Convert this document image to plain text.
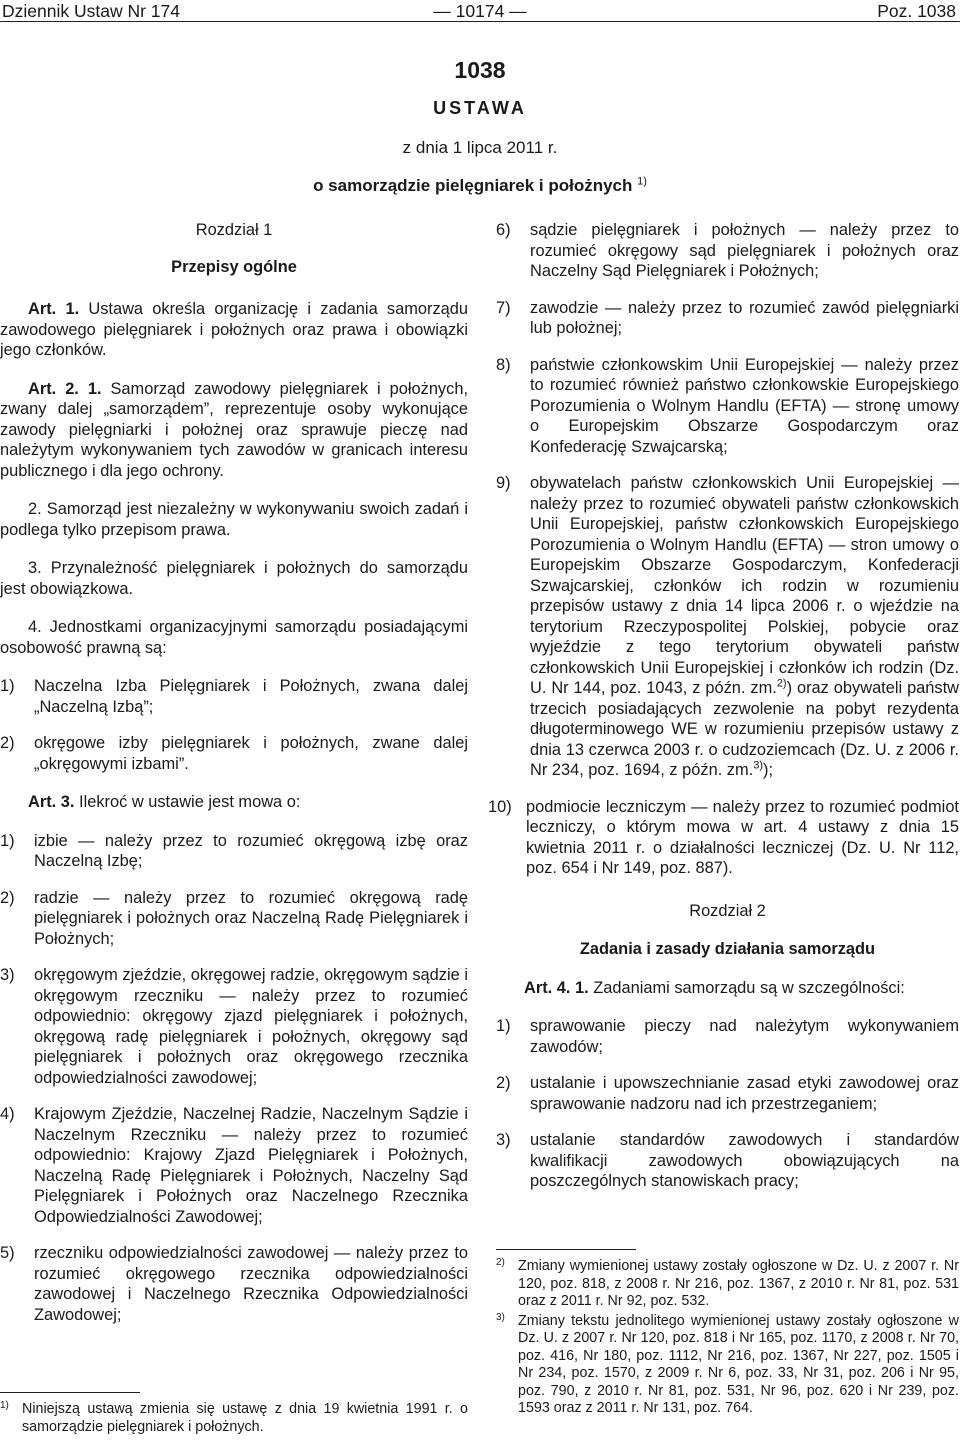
Dziennik Ustaw Nr 174	— 10174 —	Poz. 1038
1038
USTAWA
z dnia 1 lipca 2011 r.
o samorządzie pielęgniarek i położnych $^{1)}$
Rozdział 1
Przepisy ogólne
Art. 1. Ustawa określa organizację i zadania samorządu zawodowego pielęgniarek i położnych oraz prawa i obowiązki jego członków.
Art. 2. 1. Samorząd zawodowy pielęgniarek i położnych, zwany dalej „samorządem”, reprezentuje osoby wykonujące zawody pielęgniarki i położnej oraz sprawuje pieczę nad należytym wykonywaniem tych zawodów w granicach interesu publicznego i dla jego ochrony.
2. Samorząd jest niezależny w wykonywaniu swoich zadań i podlega tylko przepisom prawa.
3. Przynależność pielęgniarek i położnych do samorządu jest obowiązkowa.
4. Jednostkami organizacyjnymi samorządu posiadającymi osobowość prawną są:
1) Naczelna Izba Pielęgniarek i Położnych, zwana dalej „Naczelną Izbą”;
2) okręgowe izby pielęgniarek i położnych, zwane dalej „okręgowymi izbami”.
Art. 3. Ilekroć w ustawie jest mowa o:
1) izbie — należy przez to rozumieć okręgową izbę oraz Naczelną Izbę;
2) radzie — należy przez to rozumieć okręgową radę pielęgniarek i położnych oraz Naczelną Radę Pielęgniarek i Położnych;
3) okręgowym zjeździe, okręgowej radzie, okręgowym sądzie i okręgowym rzeczniku — należy przez to rozumieć odpowiednio: okręgowy zjazd pielęgniarek i położnych, okręgową radę pielęgniarek i położnych, okręgowy sąd pielęgniarek i położnych oraz okręgowego rzecznika odpowiedzialności zawodowej;
4) Krajowym Zjeździe, Naczelnej Radzie, Naczelnym Sądzie i Naczelnym Rzeczniku — należy przez to rozumieć odpowiednio: Krajowy Zjazd Pielęgniarek i Położnych, Naczelną Radę Pielęgniarek i Położnych, Naczelny Sąd Pielęgniarek i Położnych oraz Naczelnego Rzecznika Odpowiedzialności Zawodowej;
5) rzeczniku odpowiedzialności zawodowej — należy przez to rozumieć okręgowego rzecznika odpowiedzialności zawodowej i Naczelnego Rzecznika Odpowiedzialności Zawodowej;
1) Niniejszą ustawą zmienia się ustawę z dnia 19 kwietnia 1991 r. o samorządzie pielęgniarek i położnych.
6) sądzie pielęgniarek i położnych — należy przez to rozumieć okręgowy sąd pielęgniarek i położnych oraz Naczelny Sąd Pielęgniarek i Położnych;
7) zawodzie — należy przez to rozumieć zawód pielęgniarki lub położnej;
8) państwie członkowskim Unii Europejskiej — należy przez to rozumieć również państwo członkowskie Europejskiego Porozumienia o Wolnym Handlu (EFTA) — stronę umowy o Europejskim Obszarze Gospodarczym oraz Konfederację Szwajcarską;
9) obywatelach państw członkowskich Unii Europejskiej — należy przez to rozumieć obywateli państw członkowskich Unii Europejskiej, państw członkowskich Europejskiego Porozumienia o Wolnym Handlu (EFTA) — stron umowy o Europejskim Obszarze Gospodarczym, Konfederacji Szwajcarskiej, członków ich rodzin w rozumieniu przepisów ustawy z dnia 14 lipca 2006 r. o wjeździe na terytorium Rzeczypospolitej Polskiej, pobycie oraz wyjeździe z tego terytorium obywateli państw członkowskich Unii Europejskiej i członków ich rodzin (Dz. U. Nr 144, poz. 1043, z późn. zm.$^{2)}$) oraz obywateli państw trzecich posiadających zezwolenie na pobyt rezydenta długoterminowego WE w rozumieniu przepisów ustawy z dnia 13 czerwca 2003 r. o cudzoziemcach (Dz. U. z 2006 r. Nr 234, poz. 1694, z późn. zm.$^{3)}$);
10) podmiocie leczniczym — należy przez to rozumieć podmiot leczniczy, o którym mowa w art. 4 ustawy z dnia 15 kwietnia 2011 r. o działalności leczniczej (Dz. U. Nr 112, poz. 654 i Nr 149, poz. 887).
Rozdział 2
Zadania i zasady działania samorządu
Art. 4. 1. Zadaniami samorządu są w szczególności:
1) sprawowanie pieczy nad należytym wykonywaniem zawodów;
2) ustalanie i upowszechnianie zasad etyki zawodowej oraz sprawowanie nadzoru nad ich przestrzeganiem;
3) ustalanie standardów zawodowych i standardów kwalifikacji zawodowych obowiązujących na poszczególnych stanowiskach pracy;
2) Zmiany wymienionej ustawy zostały ogłoszone w Dz. U. z 2007 r. Nr 120, poz. 818, z 2008 r. Nr 216, poz. 1367, z 2010 r. Nr 81, poz. 531 oraz z 2011 r. Nr 92, poz. 532.
3) Zmiany tekstu jednolitego wymienionej ustawy zostały ogłoszone w Dz. U. z 2007 r. Nr 120, poz. 818 i Nr 165, poz. 1170, z 2008 r. Nr 70, poz. 416, Nr 180, poz. 1112, Nr 216, poz. 1367, Nr 227, poz. 1505 i Nr 234, poz. 1570, z 2009 r. Nr 6, poz. 33, Nr 31, poz. 206 i Nr 95, poz. 790, z 2010 r. Nr 81, poz. 531, Nr 96, poz. 620 i Nr 239, poz. 1593 oraz z 2011 r. Nr 131, poz. 764.
